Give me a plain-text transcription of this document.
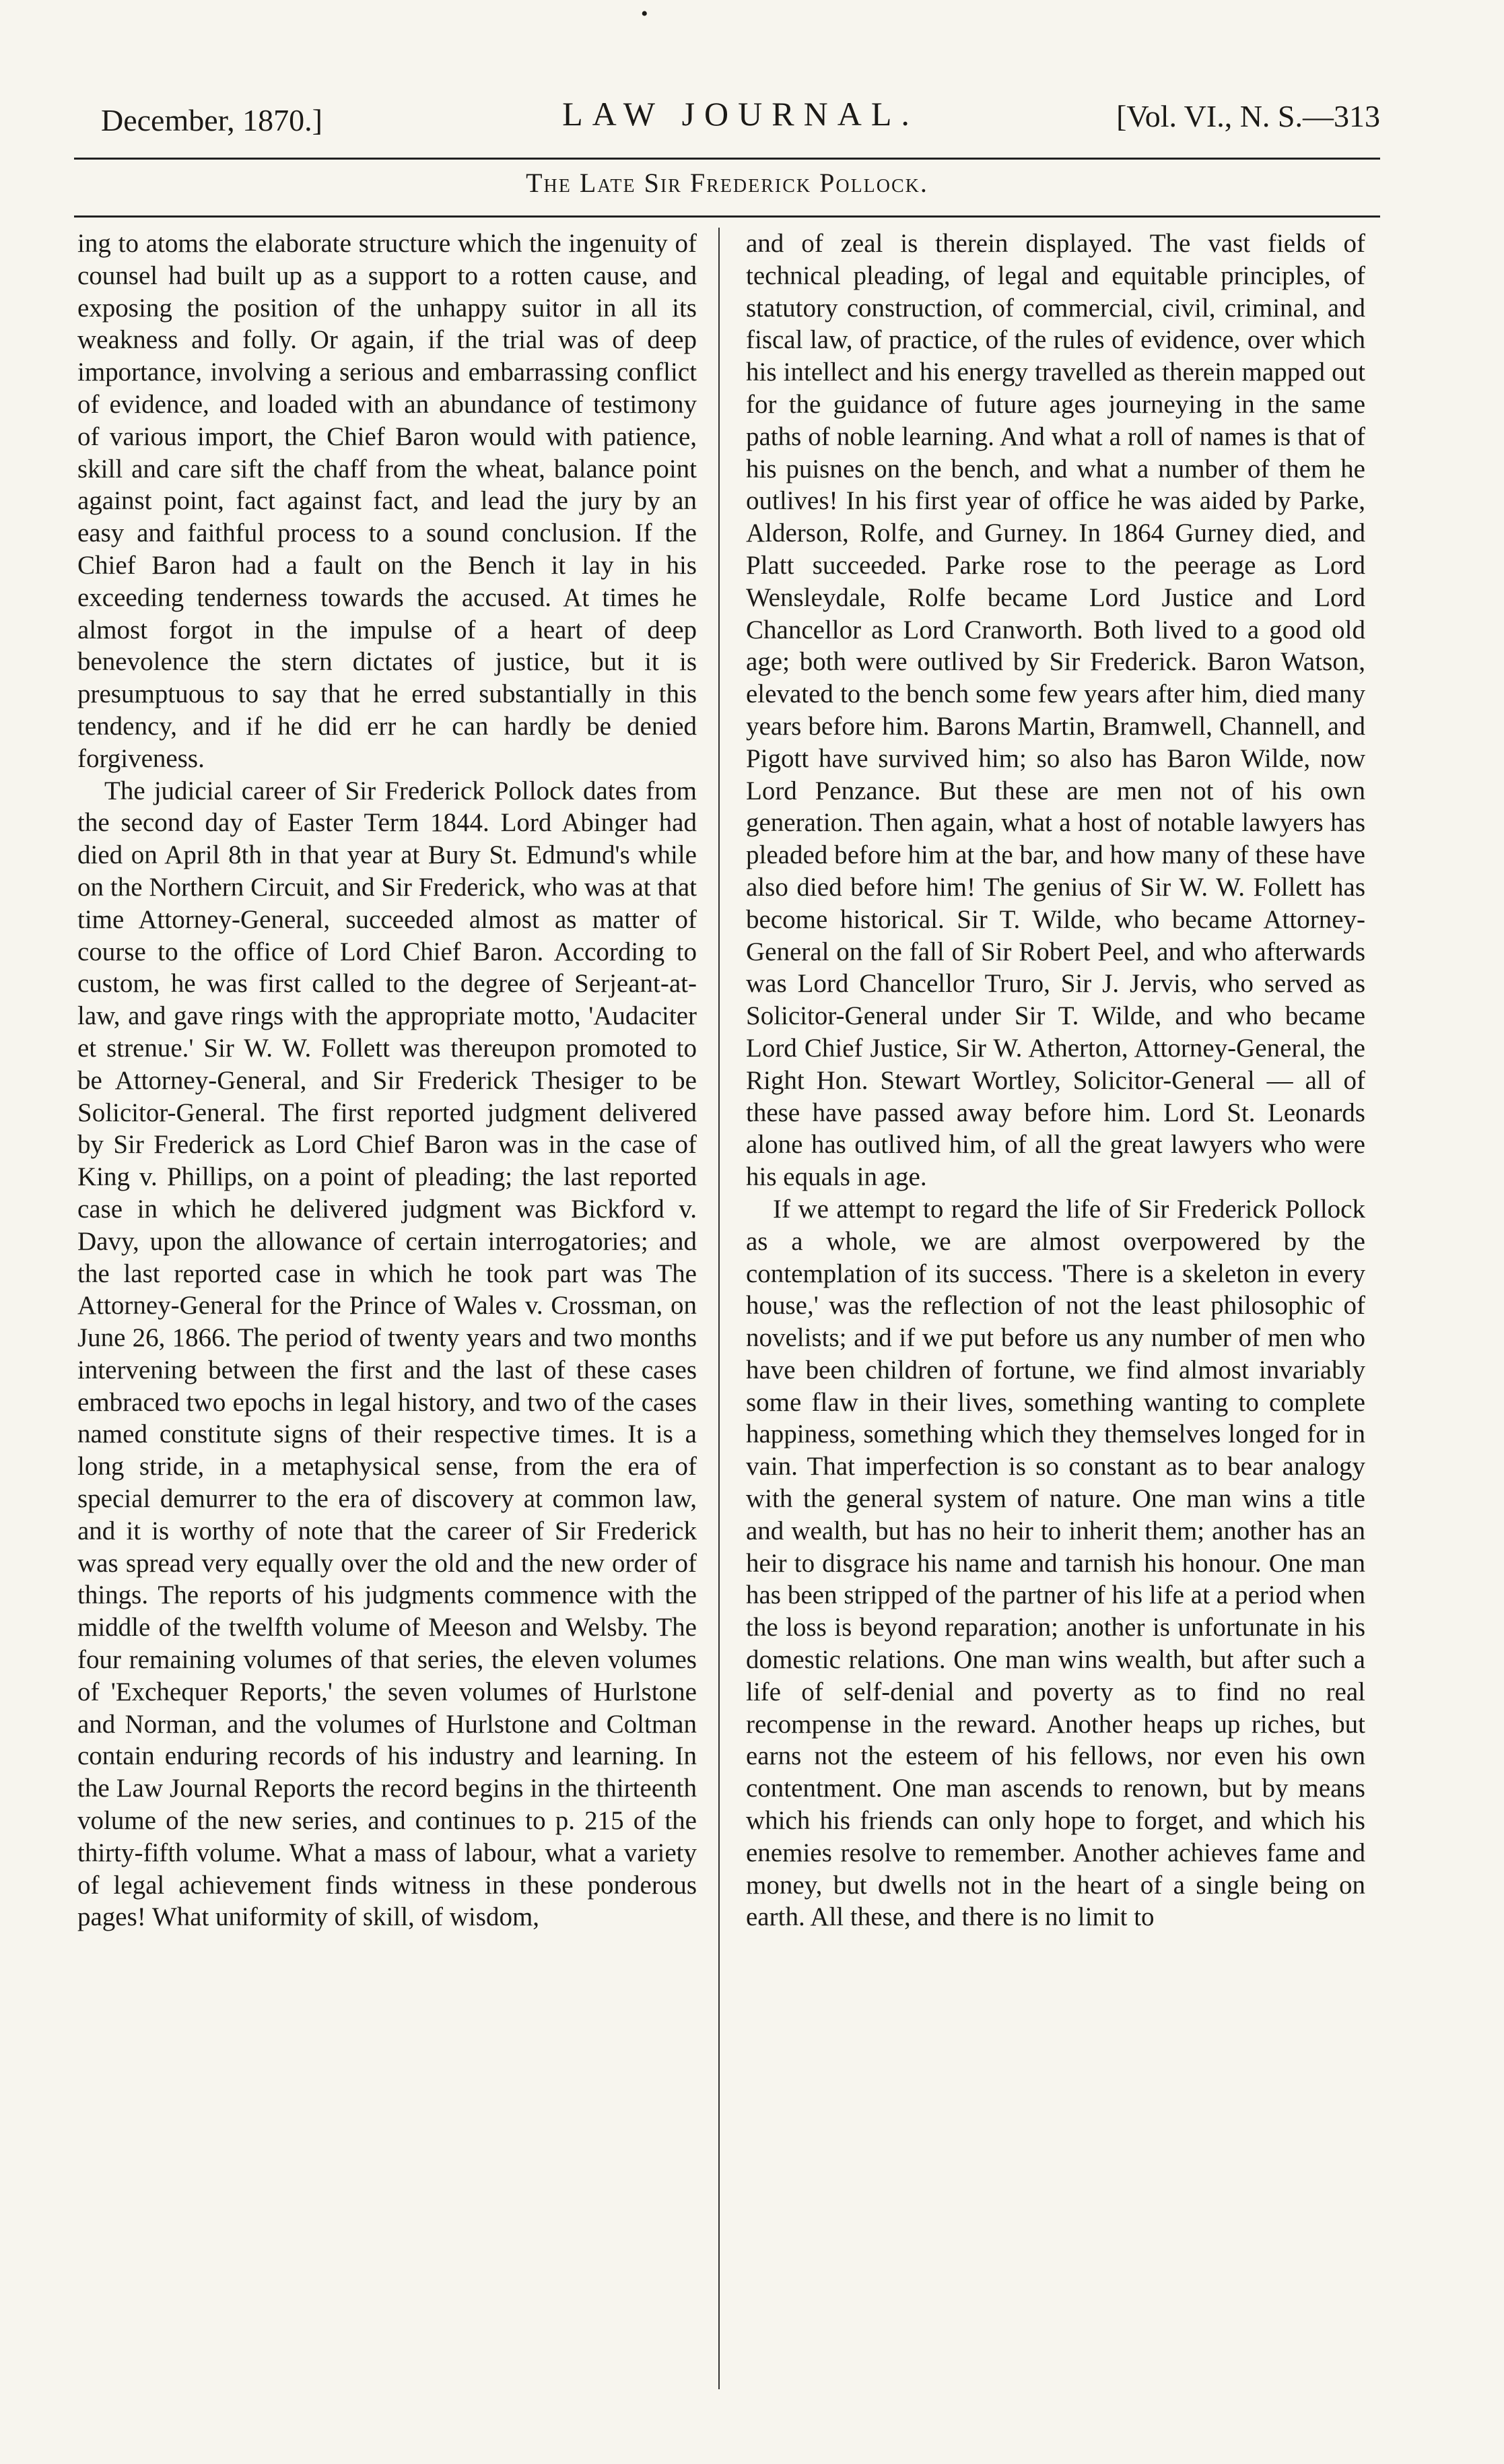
•
December, 1870.]	LAW JOURNAL.	[Vol. VI., N. S.—313
The Late Sir Frederick Pollock.

ing to atoms the elaborate structure which the ingenuity of counsel had built up as a support to a rotten cause, and exposing the position of the unhappy suitor in all its weakness and folly. Or again, if the trial was of deep importance, involving a serious and embarrassing conflict of evidence, and loaded with an abundance of testimony of various import, the Chief Baron would with patience, skill and care sift the chaff from the wheat, balance point against point, fact against fact, and lead the jury by an easy and faithful process to a sound conclusion. If the Chief Baron had a fault on the Bench it lay in his exceeding tenderness towards the accused. At times he almost forgot in the impulse of a heart of deep benevolence the stern dictates of justice, but it is presumptuous to say that he erred substantially in this tendency, and if he did err he can hardly be denied forgiveness.

The judicial career of Sir Frederick Pollock dates from the second day of Easter Term 1844. Lord Abinger had died on April 8th in that year at Bury St. Edmund's while on the Northern Circuit, and Sir Frederick, who was at that time Attorney-General, succeeded almost as matter of course to the office of Lord Chief Baron. According to custom, he was first called to the degree of Serjeant-at-law, and gave rings with the appropriate motto, 'Audaciter et strenue.' Sir W. W. Follett was thereupon promoted to be Attorney-General, and Sir Frederick Thesiger to be Solicitor-General. The first reported judgment delivered by Sir Frederick as Lord Chief Baron was in the case of King v. Phillips, on a point of pleading; the last reported case in which he delivered judgment was Bickford v. Davy, upon the allowance of certain interrogatories; and the last reported case in which he took part was The Attorney-General for the Prince of Wales v. Crossman, on June 26, 1866. The period of twenty years and two months intervening between the first and the last of these cases embraced two epochs in legal history, and two of the cases named constitute signs of their respective times. It is a long stride, in a metaphysical sense, from the era of special demurrer to the era of discovery at common law, and it is worthy of note that the career of Sir Frederick was spread very equally over the old and the new order of things. The reports of his judgments commence with the middle of the twelfth volume of Meeson and Welsby. The four remaining volumes of that series, the eleven volumes of 'Exchequer Reports,' the seven volumes of Hurlstone and Norman, and the volumes of Hurlstone and Coltman contain enduring records of his industry and learning. In the Law Journal Reports the record begins in the thirteenth volume of the new series, and continues to p. 215 of the thirty-fifth volume. What a mass of labour, what a variety of legal achievement finds witness in these ponderous pages! What uniformity of skill, of wisdom,

and of zeal is therein displayed. The vast fields of technical pleading, of legal and equitable principles, of statutory construction, of commercial, civil, criminal, and fiscal law, of practice, of the rules of evidence, over which his intellect and his energy travelled as therein mapped out for the guidance of future ages journeying in the same paths of noble learning. And what a roll of names is that of his puisnes on the bench, and what a number of them he outlives! In his first year of office he was aided by Parke, Alderson, Rolfe, and Gurney. In 1864 Gurney died, and Platt succeeded. Parke rose to the peerage as Lord Wensleydale, Rolfe became Lord Justice and Lord Chancellor as Lord Cranworth. Both lived to a good old age; both were outlived by Sir Frederick. Baron Watson, elevated to the bench some few years after him, died many years before him. Barons Martin, Bramwell, Channell, and Pigott have survived him; so also has Baron Wilde, now Lord Penzance. But these are men not of his own generation. Then again, what a host of notable lawyers has pleaded before him at the bar, and how many of these have also died before him! The genius of Sir W. W. Follett has become historical. Sir T. Wilde, who became Attorney-General on the fall of Sir Robert Peel, and who afterwards was Lord Chancellor Truro, Sir J. Jervis, who served as Solicitor-General under Sir T. Wilde, and who became Lord Chief Justice, Sir W. Atherton, Attorney-General, the Right Hon. Stewart Wortley, Solicitor-General — all of these have passed away before him. Lord St. Leonards alone has outlived him, of all the great lawyers who were his equals in age.

If we attempt to regard the life of Sir Frederick Pollock as a whole, we are almost overpowered by the contemplation of its success. 'There is a skeleton in every house,' was the reflection of not the least philosophic of novelists; and if we put before us any number of men who have been children of fortune, we find almost invariably some flaw in their lives, something wanting to complete happiness, something which they themselves longed for in vain. That imperfection is so constant as to bear analogy with the general system of nature. One man wins a title and wealth, but has no heir to inherit them; another has an heir to disgrace his name and tarnish his honour. One man has been stripped of the partner of his life at a period when the loss is beyond reparation; another is unfortunate in his domestic relations. One man wins wealth, but after such a life of self-denial and poverty as to find no real recompense in the reward. Another heaps up riches, but earns not the esteem of his fellows, nor even his own contentment. One man ascends to renown, but by means which his friends can only hope to forget, and which his enemies resolve to remember. Another achieves fame and money, but dwells not in the heart of a single being on earth. All these, and there is no limit to
